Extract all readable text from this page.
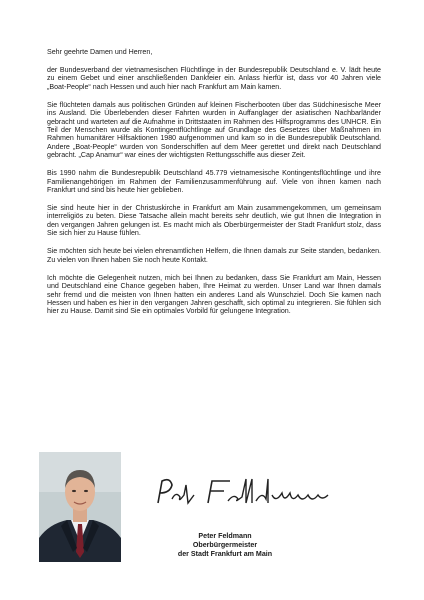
Sehr geehrte Damen und Herren,

der Bundesverband der vietnamesischen Flüchtlinge in der Bundesrepublik Deutschland e. V. lädt heute zu einem Gebet und einer anschließenden Dankfeier ein. Anlass hierfür ist, dass vor 40 Jahren viele „Boat-People“ nach Hessen und auch hier nach Frankfurt am Main kamen.

Sie flüchteten damals aus politischen Gründen auf kleinen Fischerbooten über das Südchinesische Meer ins Ausland. Die Überlebenden dieser Fahrten wurden in Auffanglager der asiatischen Nachbarländer gebracht und warteten auf die Aufnahme in Drittstaaten im Rahmen des Hilfsprogramms des UNHCR. Ein Teil der Menschen wurde als Kontingentflüchtlinge auf Grundlage des Gesetzes über Maßnahmen im Rahmen humanitärer Hilfsaktionen 1980 aufgenommen und kam so in die Bundesrepublik Deutschland. Andere „Boat-People“ wurden von Sonderschiffen auf dem Meer gerettet und direkt nach Deutschland gebracht. „Cap Anamur“ war eines der wichtigsten Rettungsschiffe aus dieser Zeit.

Bis 1990 nahm die Bundesrepublik Deutschland 45.779 vietnamesische Kontingentsflüchtlinge und ihre Familienangehörigen im Rahmen der Familienzusammenführung auf. Viele von ihnen kamen nach Frankfurt und sind bis heute hier geblieben.

Sie sind heute hier in der Christuskirche in Frankfurt am Main zusammengekommen, um gemeinsam interreligiös zu beten. Diese Tatsache allein macht bereits sehr deutlich, wie gut Ihnen die Integration in den vergangen Jahren gelungen ist. Es macht mich als Oberbürgermeister der Stadt Frankfurt stolz, dass Sie sich hier zu Hause fühlen.

Sie möchten sich heute bei vielen ehrenamtlichen Helfern, die Ihnen damals zur Seite standen, bedanken. Zu vielen von Ihnen haben Sie noch heute Kontakt.

Ich möchte die Gelegenheit nutzen, mich bei Ihnen zu bedanken, dass Sie Frankfurt am Main, Hessen und Deutschland eine Chance gegeben haben, Ihre Heimat zu werden. Unser Land war Ihnen damals sehr fremd und die meisten von Ihnen hatten ein anderes Land als Wunschziel. Doch Sie kamen nach Hessen und haben es hier in den vergangen Jahren geschafft, sich optimal zu integrieren. Sie fühlen sich hier zu Hause. Damit sind Sie ein optimales Vorbild für gelungene Integration.

Peter Feldmann
Oberbürgermeister
der Stadt Frankfurt am Main
